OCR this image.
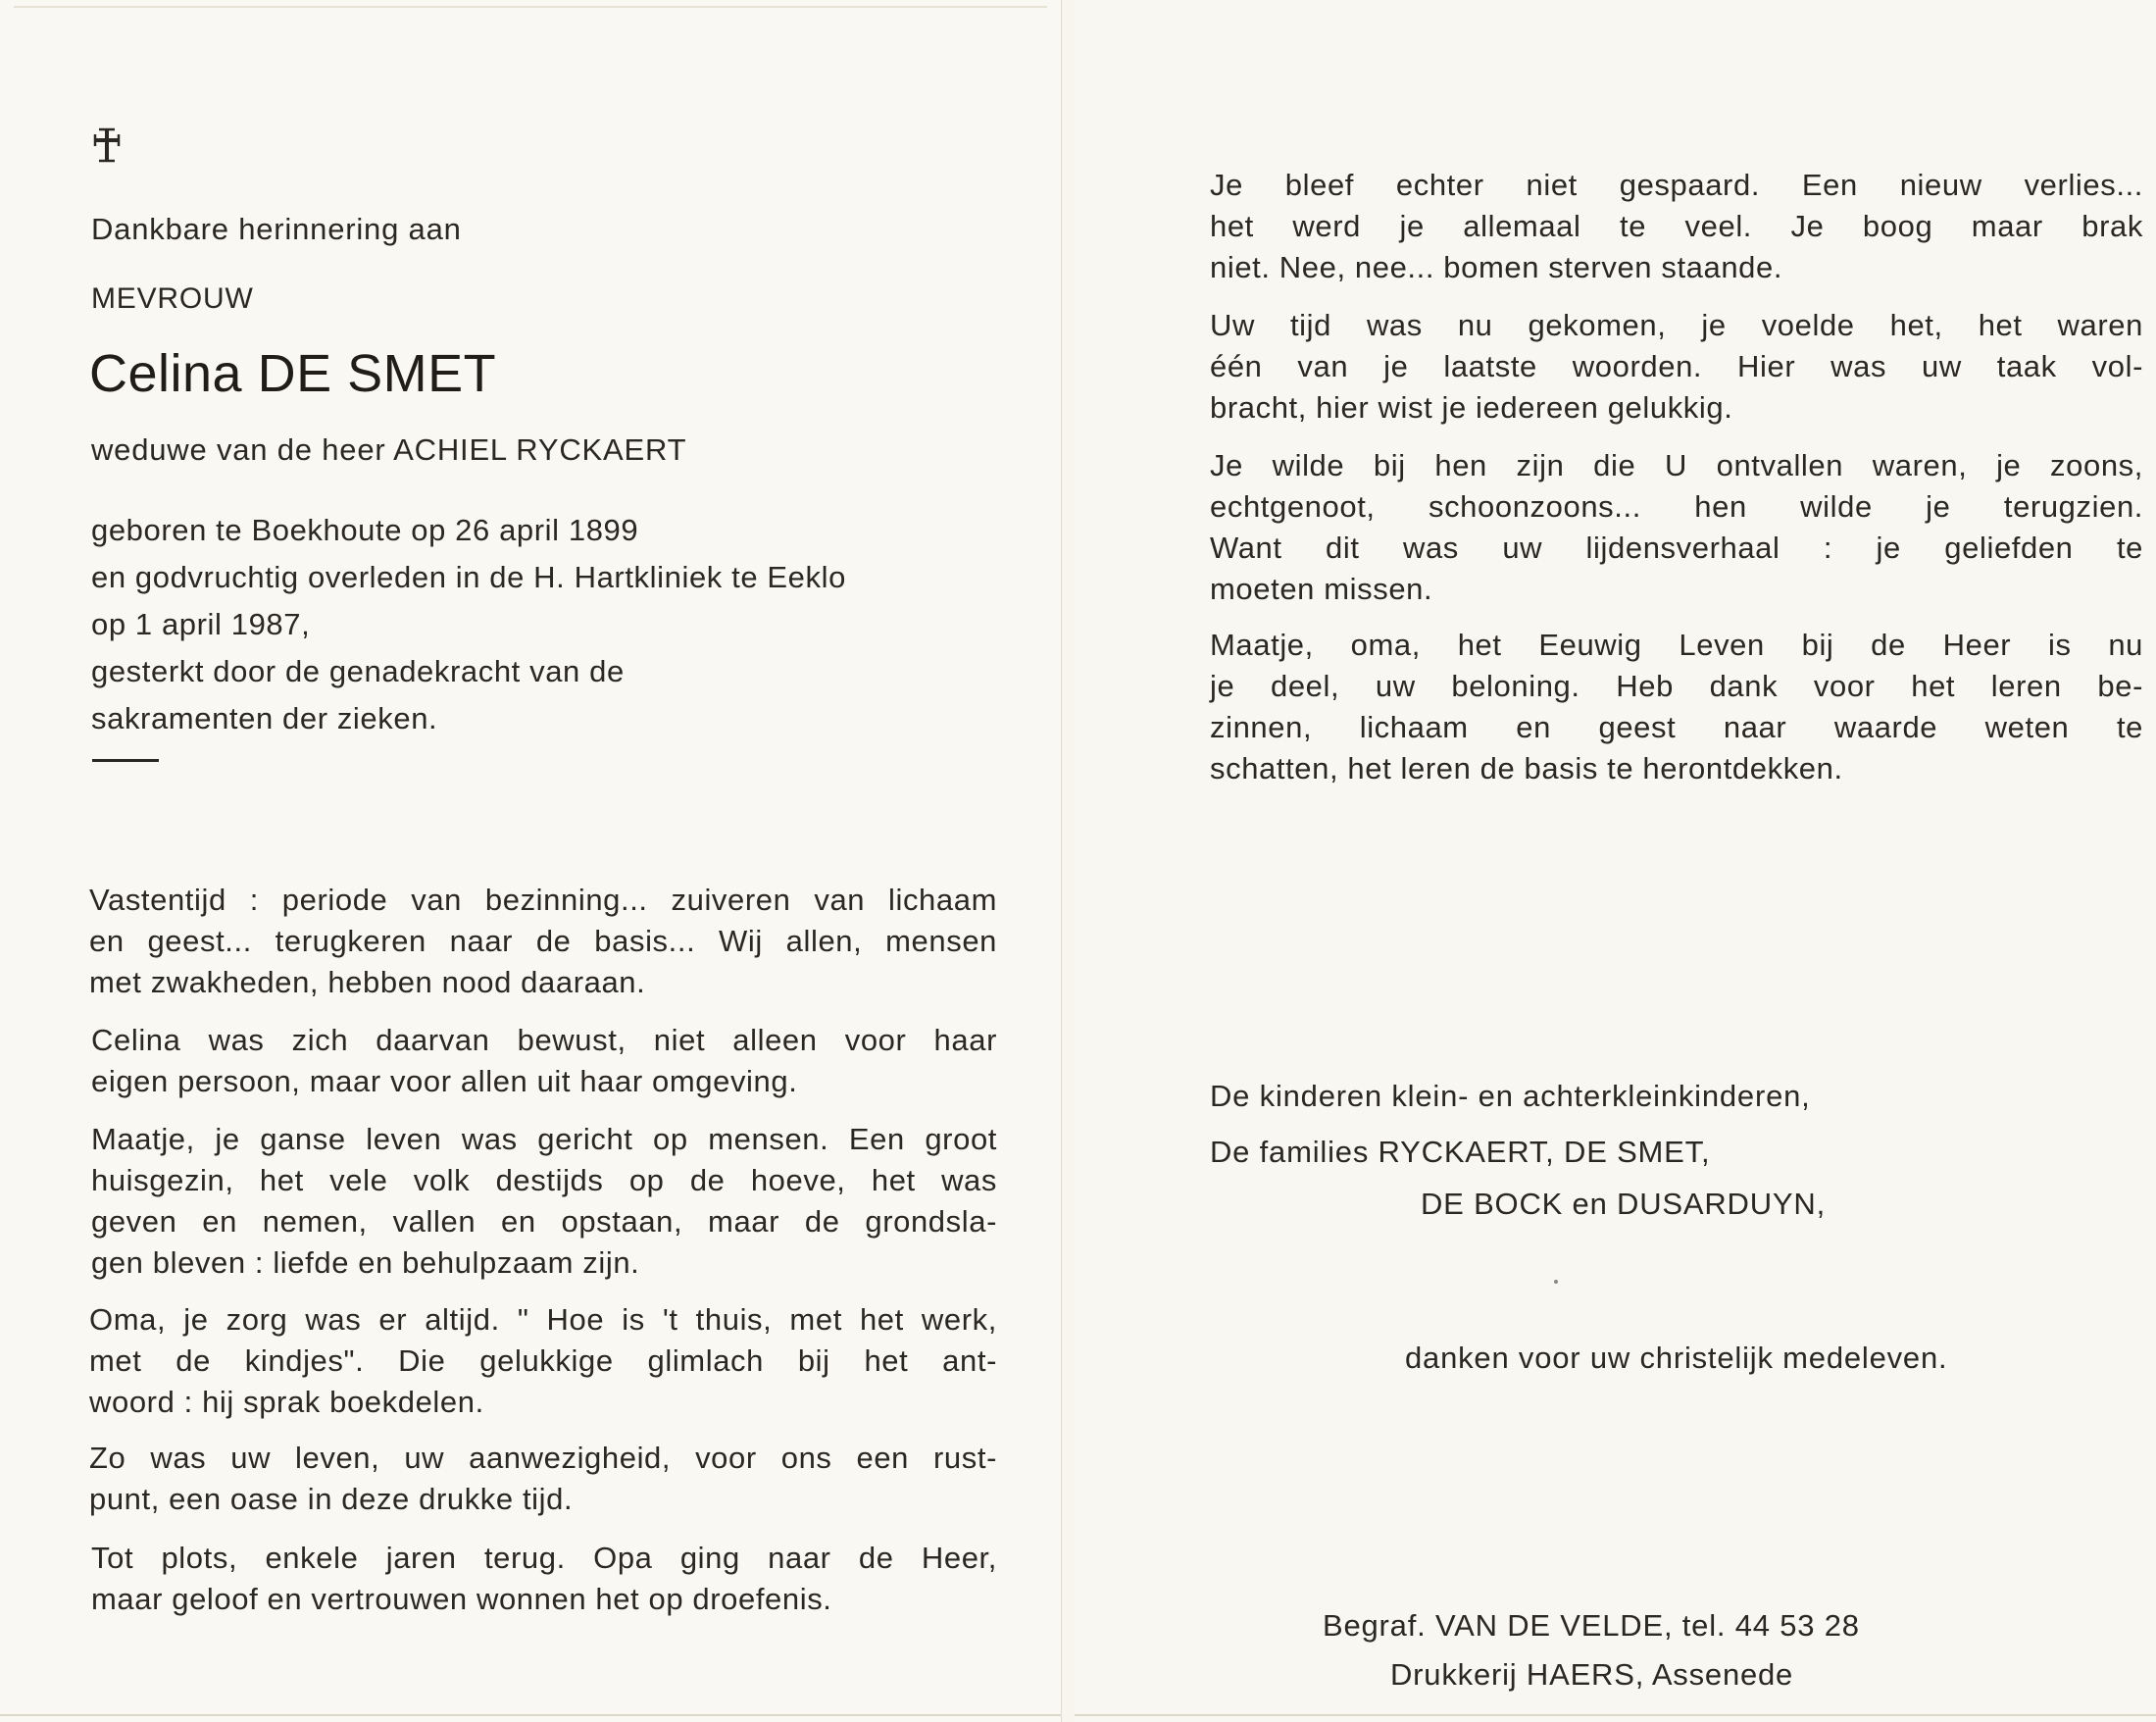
Dankbare herinnering aan
MEVROUW
Celina DE SMET
weduwe van de heer ACHIEL RYCKAERT
geboren te Boekhoute op 26 april 1899
en godvruchtig overleden in de H. Hartkliniek te Eeklo
op 1 april 1987,
gesterkt door de genadekracht van de
sakramenten der zieken.
Vastentijd : periode van bezinning... zuiveren van lichaam
en geest... terugkeren naar de basis... Wij allen, mensen
met zwakheden, hebben nood daaraan.
Celina was zich daarvan bewust, niet alleen voor haar
eigen persoon, maar voor allen uit haar omgeving.
Maatje, je ganse leven was gericht op mensen. Een groot
huisgezin, het vele volk destijds op de hoeve, het was
geven en nemen, vallen en opstaan, maar de grondsla-
gen bleven : liefde en behulpzaam zijn.
Oma, je zorg was er altijd. " Hoe is 't thuis, met het werk,
met de kindjes". Die gelukkige glimlach bij het ant-
woord : hij sprak boekdelen.
Zo was uw leven, uw aanwezigheid, voor ons een rust-
punt, een oase in deze drukke tijd.
Tot plots, enkele jaren terug. Opa ging naar de Heer,
maar geloof en vertrouwen wonnen het op droefenis.
Je bleef echter niet gespaard. Een nieuw verlies...
het werd je allemaal te veel. Je boog maar brak
niet. Nee, nee... bomen sterven staande.
Uw tijd was nu gekomen, je voelde het, het waren
één van je laatste woorden. Hier was uw taak vol-
bracht, hier wist je iedereen gelukkig.
Je wilde bij hen zijn die U ontvallen waren, je zoons,
echtgenoot, schoonzoons... hen wilde je terugzien.
Want dit was uw lijdensverhaal : je geliefden te
moeten missen.
Maatje, oma, het Eeuwig Leven bij de Heer is nu
je deel, uw beloning. Heb dank voor het leren be-
zinnen, lichaam en geest naar waarde weten te
schatten, het leren de basis te herontdekken.
De kinderen klein- en achterkleinkinderen,
De families RYCKAERT, DE SMET,
DE BOCK en DUSARDUYN,
danken voor uw christelijk medeleven.
Begraf. VAN DE VELDE, tel. 44 53 28
Drukkerij HAERS, Assenede
